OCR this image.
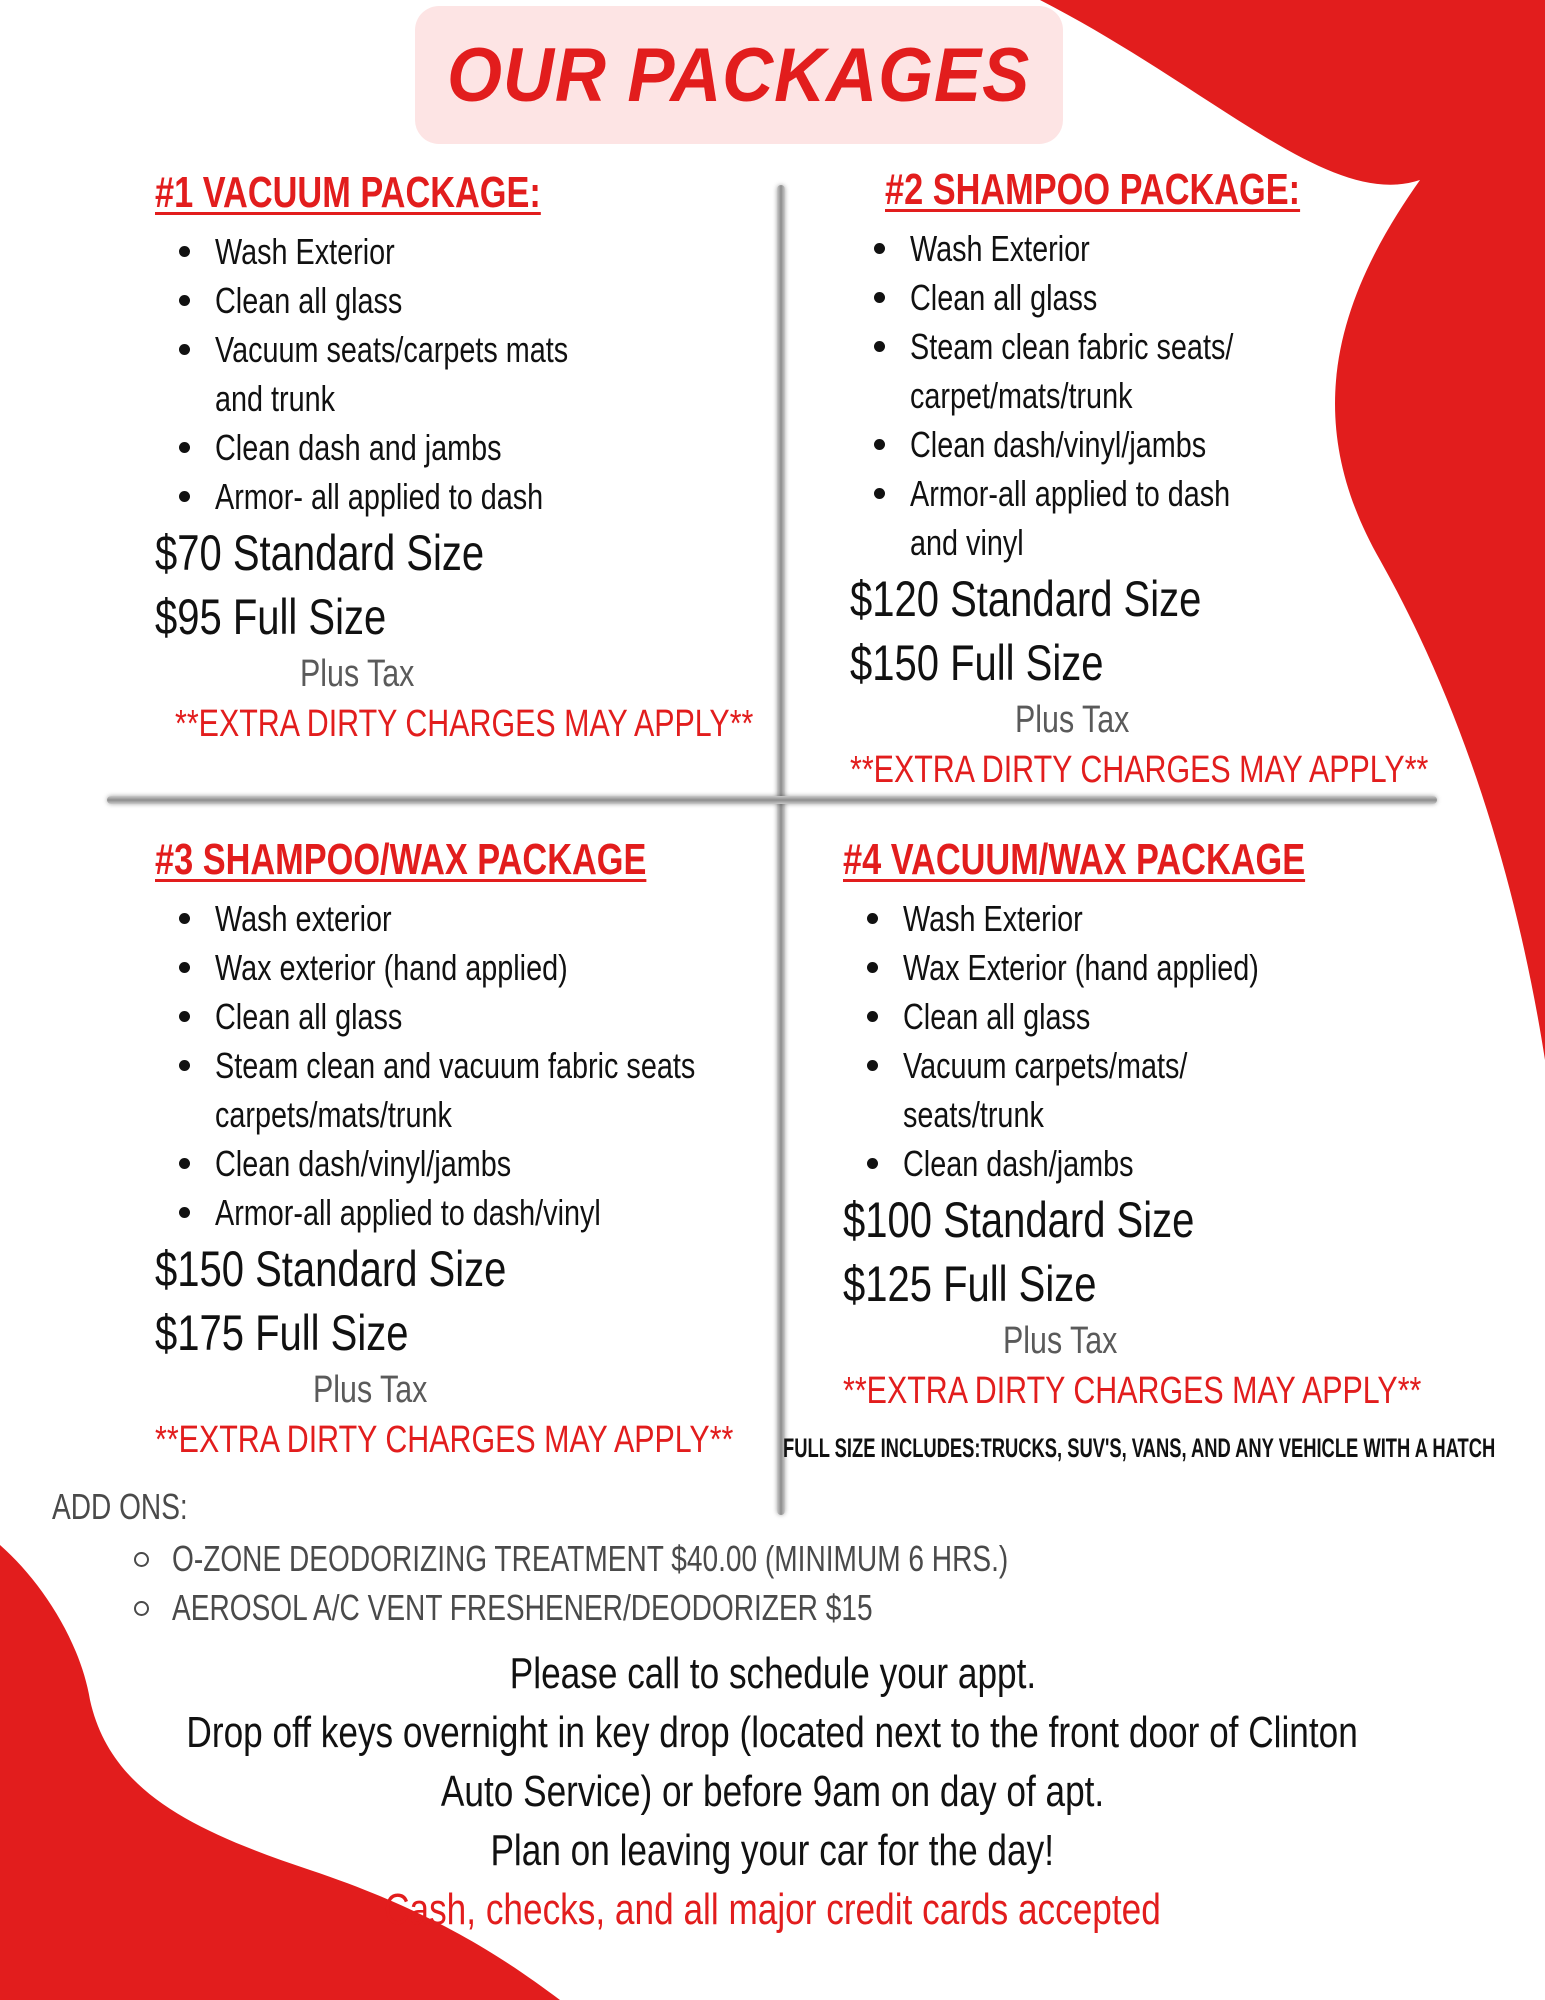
OUR PACKAGES
#1 VACUUM PACKAGE:
Wash Exterior
Clean all glass
Vacuum seats/carpets mats
and trunk
Clean dash and jambs
Armor- all applied to dash
$70 Standard Size
$95 Full Size
Plus Tax
**EXTRA DIRTY CHARGES MAY APPLY**
#2 SHAMPOO PACKAGE:
Wash Exterior
Clean all glass
Steam clean fabric seats/
carpet/mats/trunk
Clean dash/vinyl/jambs
Armor-all applied to dash
and vinyl
$120 Standard Size
$150 Full Size
Plus Tax
**EXTRA DIRTY CHARGES MAY APPLY**
#3 SHAMPOO/WAX PACKAGE
Wash exterior
Wax exterior (hand applied)
Clean all glass
Steam clean and vacuum fabric seats
carpets/mats/trunk
Clean dash/vinyl/jambs
Armor-all applied to dash/vinyl
$150 Standard Size
$175 Full Size
Plus Tax
**EXTRA DIRTY CHARGES MAY APPLY**
#4 VACUUM/WAX PACKAGE
Wash Exterior
Wax Exterior (hand applied)
Clean all glass
Vacuum carpets/mats/
seats/trunk
Clean dash/jambs
$100 Standard Size
$125 Full Size
Plus Tax
**EXTRA DIRTY CHARGES MAY APPLY**
FULL SIZE INCLUDES:TRUCKS, SUV'S, VANS, AND ANY VEHICLE WITH A HATCH
ADD ONS:
O-ZONE DEODORIZING TREATMENT $40.00 (MINIMUM 6 HRS.)
AEROSOL A/C VENT FRESHENER/DEODORIZER $15
Please call to schedule your appt.
Drop off keys overnight in key drop (located next to the front door of Clinton
Auto Service) or before 9am on day of apt.
Plan on leaving your car for the day!
Cash, checks, and all major credit cards accepted
